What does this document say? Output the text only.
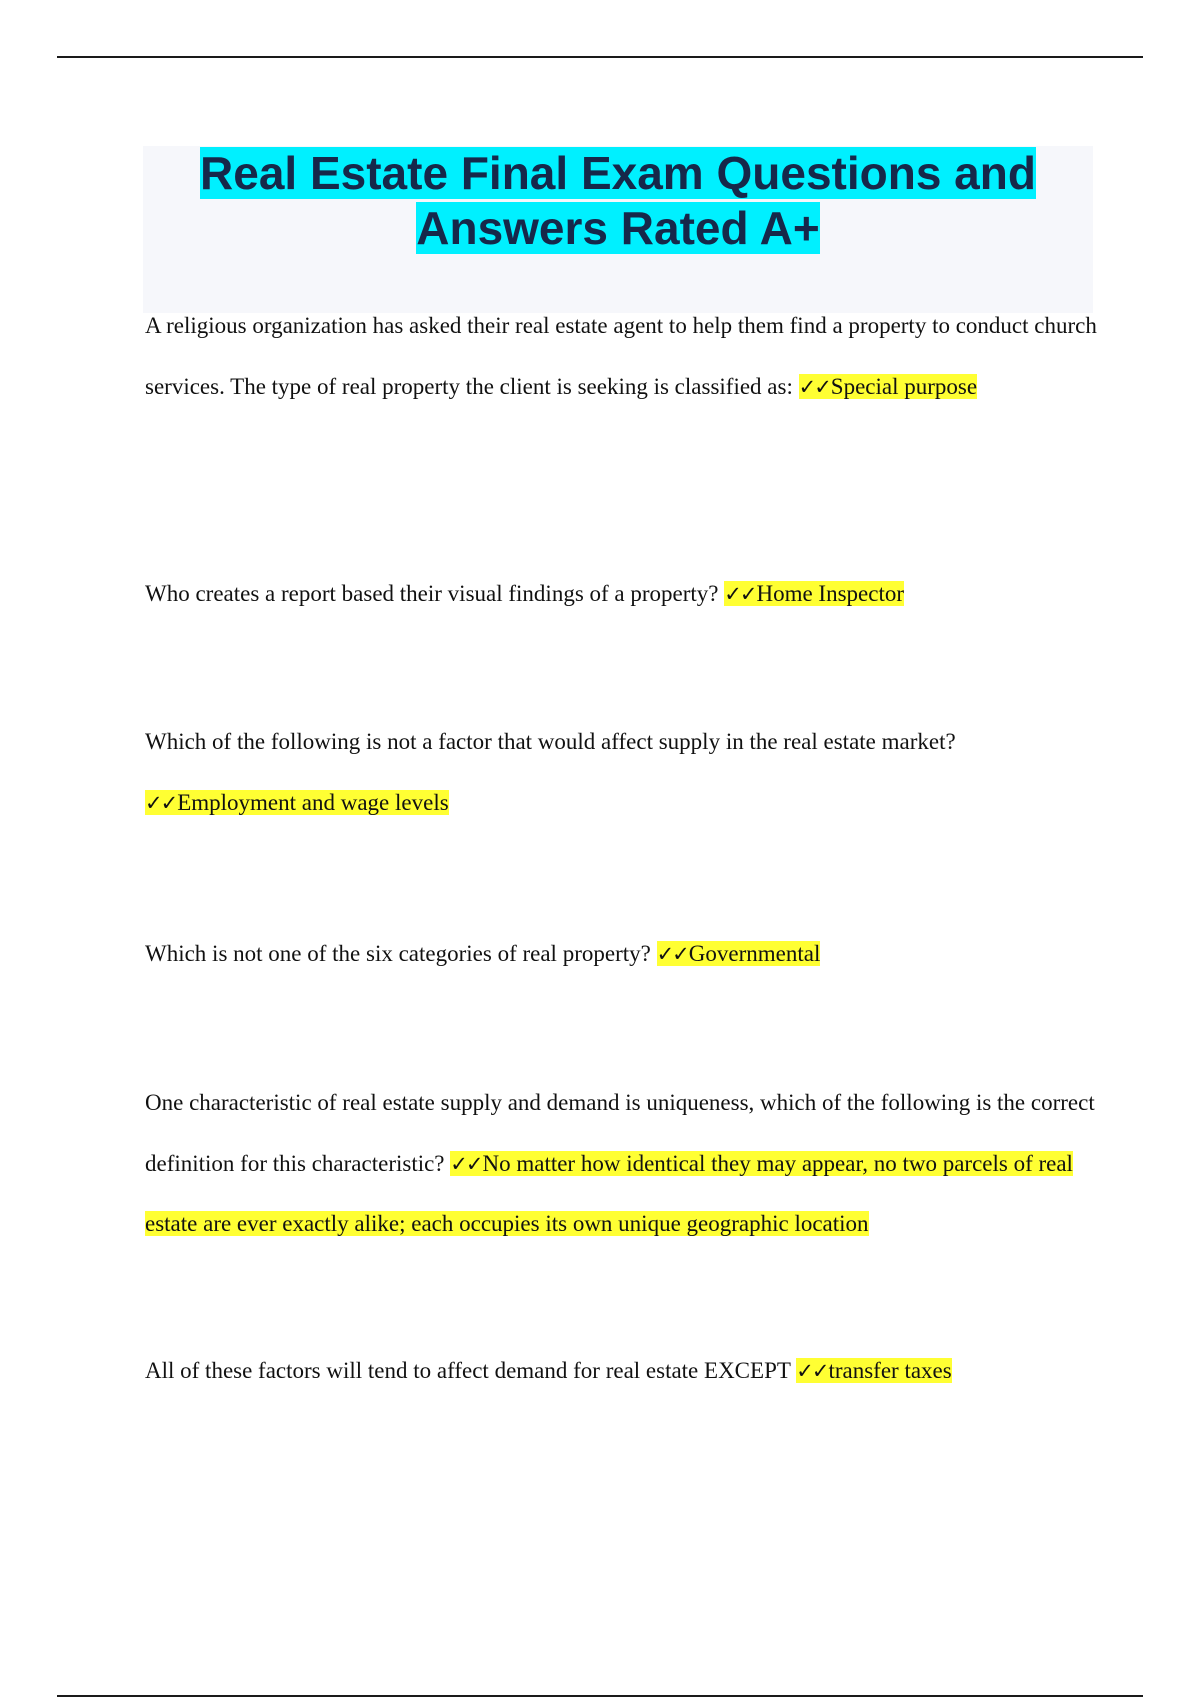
Real Estate Final Exam Questions and Answers Rated A+

A religious organization has asked their real estate agent to help them find a property to conduct church services. The type of real property the client is seeking is classified as: ✓✓Special purpose

Who creates a report based their visual findings of a property? ✓✓Home Inspector

Which of the following is not a factor that would affect supply in the real estate market? ✓✓Employment and wage levels

Which is not one of the six categories of real property? ✓✓Governmental

One characteristic of real estate supply and demand is uniqueness, which of the following is the correct definition for this characteristic? ✓✓No matter how identical they may appear, no two parcels of real estate are ever exactly alike; each occupies its own unique geographic location

All of these factors will tend to affect demand for real estate EXCEPT ✓✓transfer taxes
